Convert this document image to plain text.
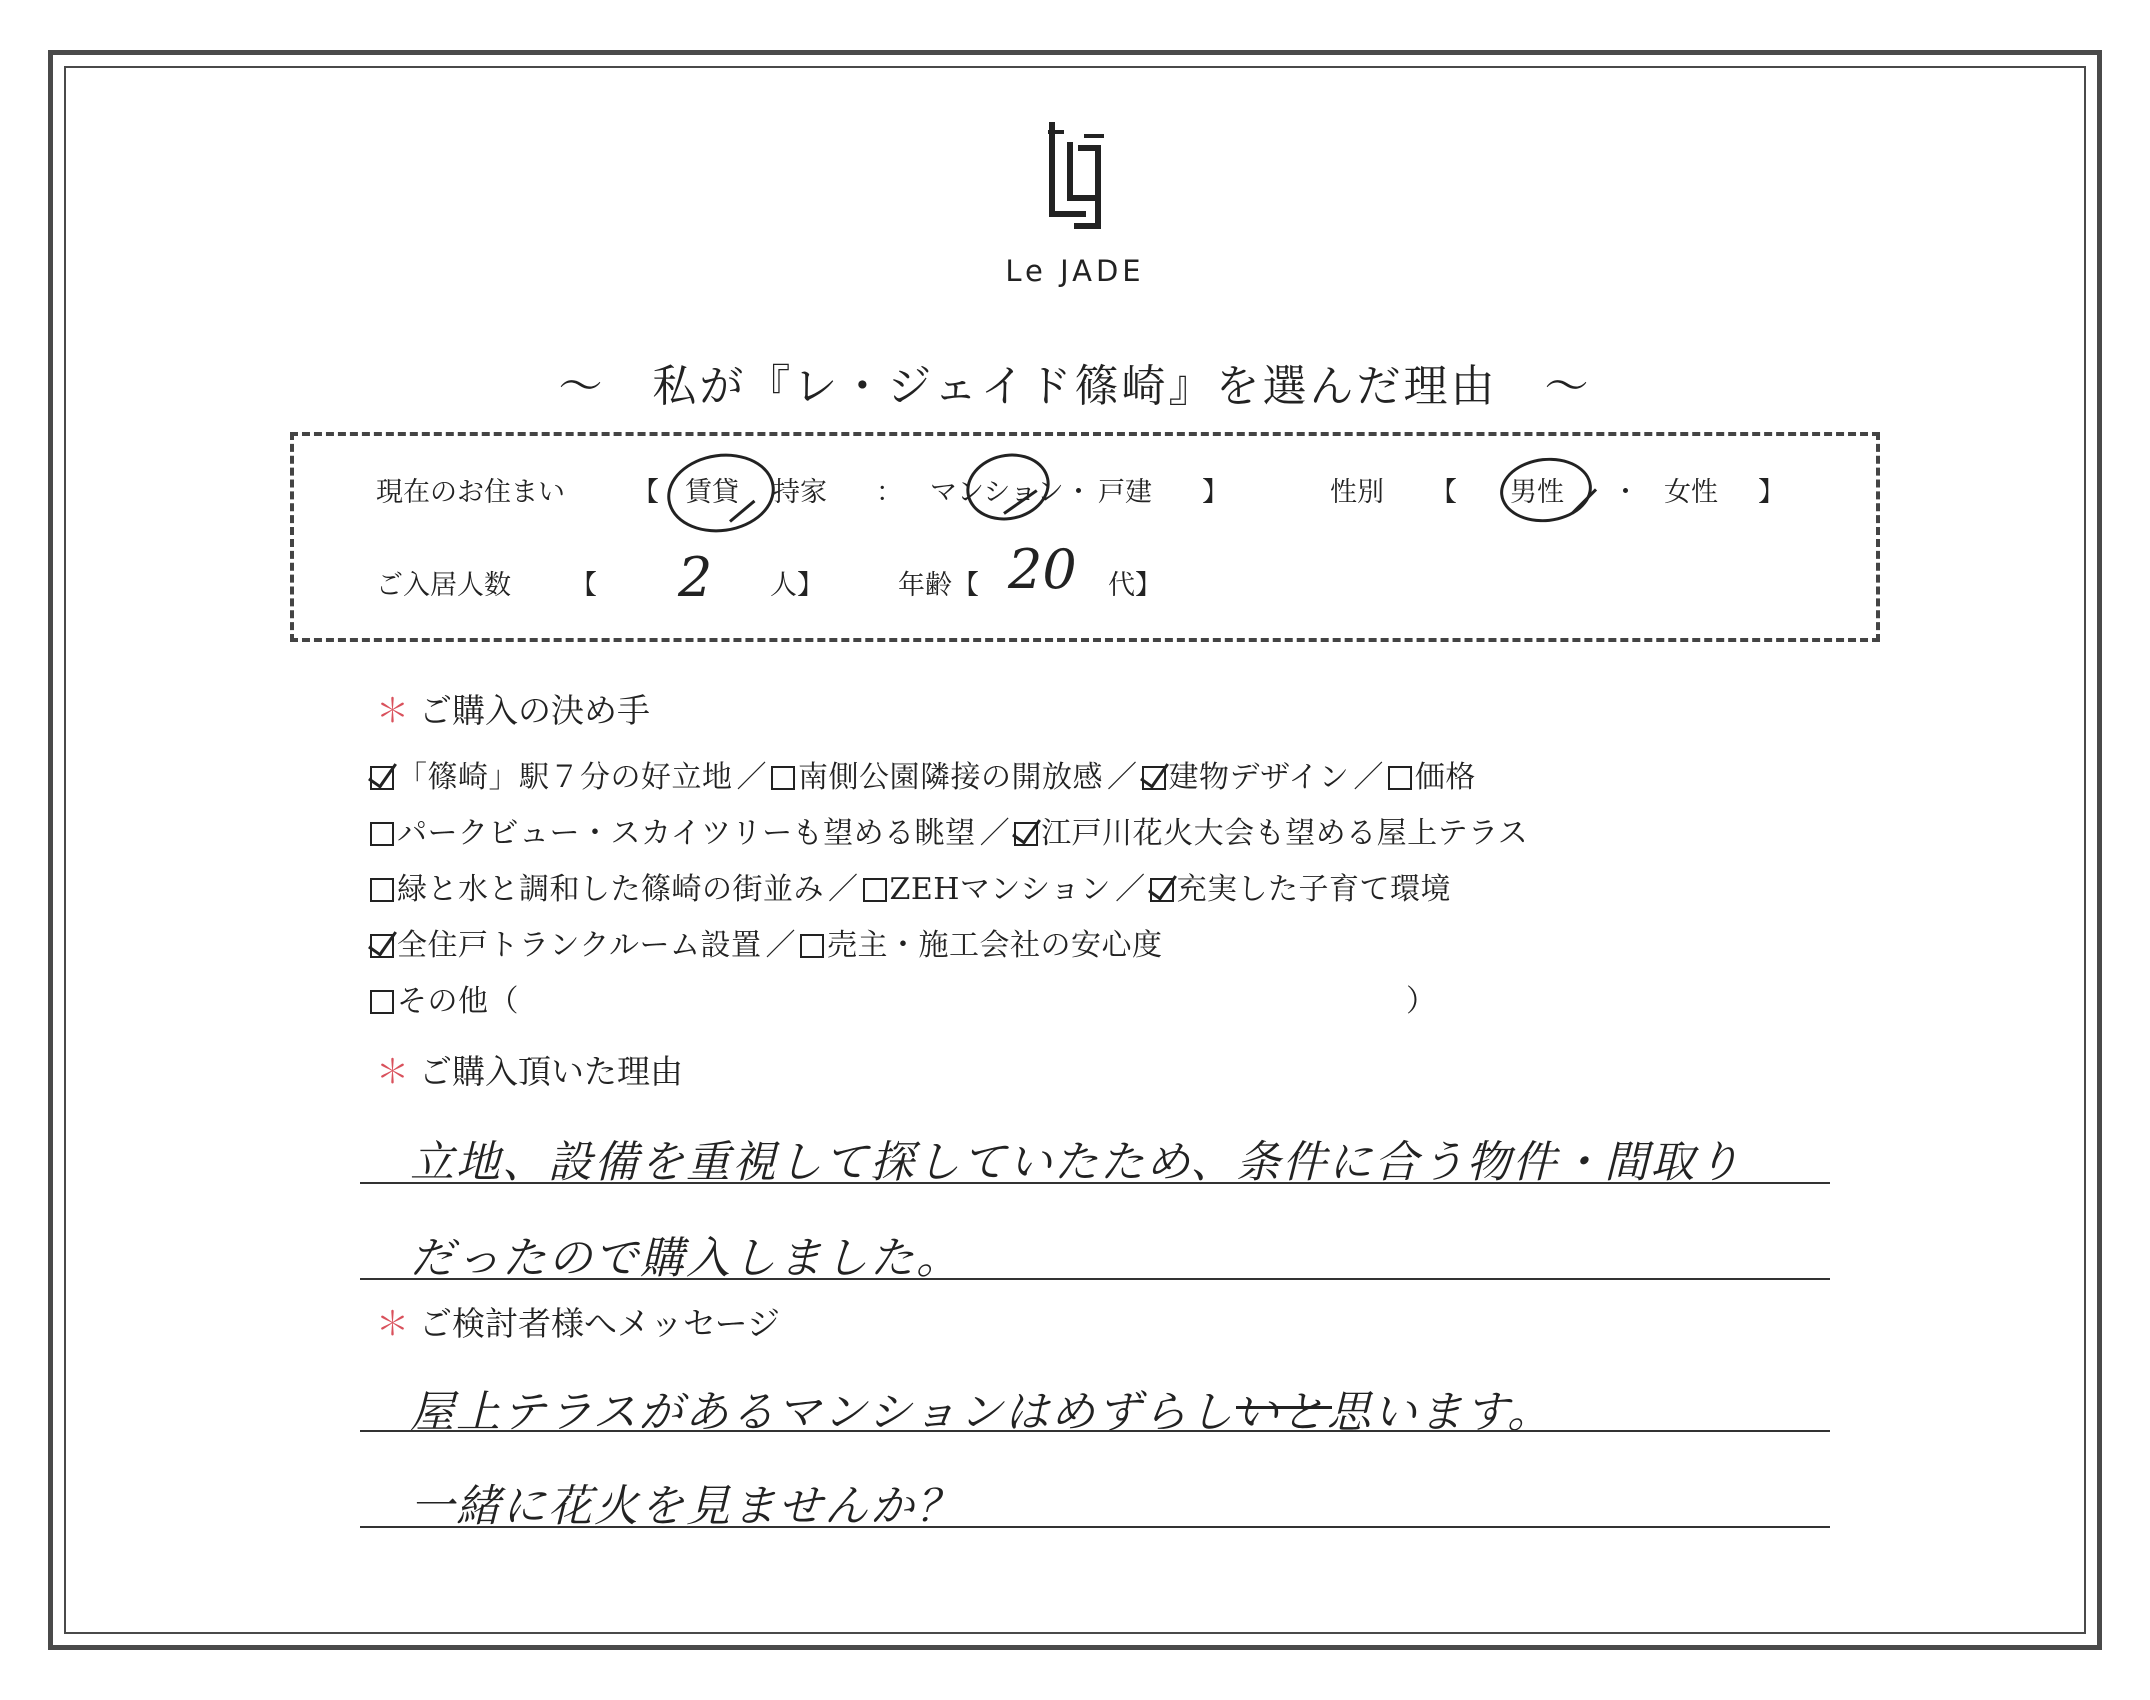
Le JADE
～　私が『レ・ジェイド篠崎』を選んだ理由　～
現在のお住まい 【 賃貸 持家 ： マンション ・ 戸建 】	性別 【 男性 ・ 女性 】
ご入居人数 【 2 人】	年齢【 20 代】
＊ ご購入の決め手
「篠崎」駅７分の好立地 ／ 南側公園隣接の開放感 ／ 建物デザイン ／ 価格
パークビュー・スカイツリーも望める眺望 ／ 江戸川花火大会も望める屋上テラス
緑と水と調和した篠崎の街並み ／ ZEHマンション ／ 充実した子育て環境
全住戸トランクルーム設置 ／ 売主・施工会社の安心度
その他（	）
＊ ご購入頂いた理由
立地、設備を重視して探していたため、条件に合う物件・間取り
だったので購入しました。
＊ ご検討者様へメッセージ
屋上テラスがあるマンションはめずらしいと思います。
一緒に花火を見ませんか？
